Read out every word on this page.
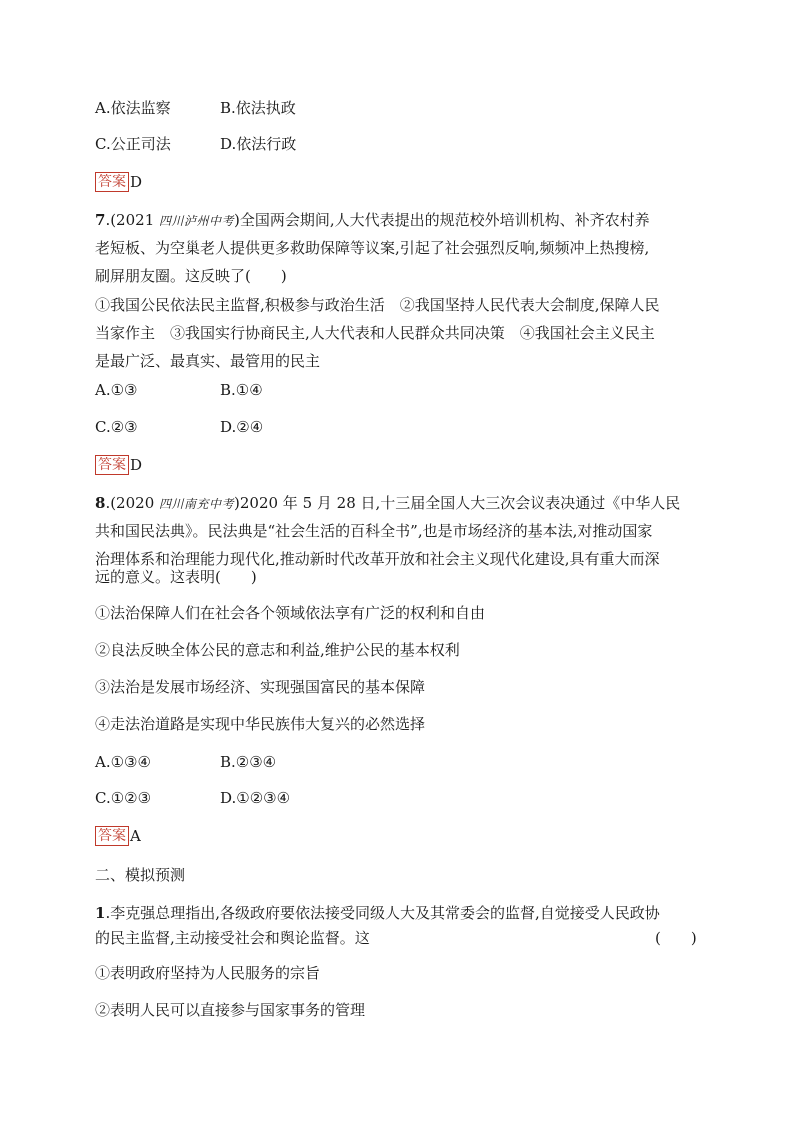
A.依法监察	B.依法执政
C.公正司法	D.依法行政
答案 D
7.(2021 四川泸州中考)全国两会期间,人大代表提出的规范校外培训机构、补齐农村养
老短板、为空巢老人提供更多救助保障等议案,引起了社会强烈反响,频频冲上热搜榜,
刷屏朋友圈。这反映了(　　)
①我国公民依法民主监督,积极参与政治生活　②我国坚持人民代表大会制度,保障人民
当家作主　③我国实行协商民主,人大代表和人民群众共同决策　④我国社会主义民主
是最广泛、最真实、最管用的民主
A.①③	B.①④
C.②③	D.②④
答案 D
8.(2020 四川南充中考)2020 年 5 月 28 日,十三届全国人大三次会议表决通过《中华人民
共和国民法典》。民法典是“社会生活的百科全书”,也是市场经济的基本法,对推动国家
治理体系和治理能力现代化,推动新时代改革开放和社会主义现代化建设,具有重大而深
远的意义。这表明(　　)
①法治保障人们在社会各个领域依法享有广泛的权利和自由
②良法反映全体公民的意志和利益,维护公民的基本权利
③法治是发展市场经济、实现强国富民的基本保障
④走法治道路是实现中华民族伟大复兴的必然选择
A.①③④	B.②③④
C.①②③	D.①②③④
答案 A
二、模拟预测
1.李克强总理指出,各级政府要依法接受同级人大及其常委会的监督,自觉接受人民政协
的民主监督,主动接受社会和舆论监督。这	(　　)
①表明政府坚持为人民服务的宗旨
②表明人民可以直接参与国家事务的管理
